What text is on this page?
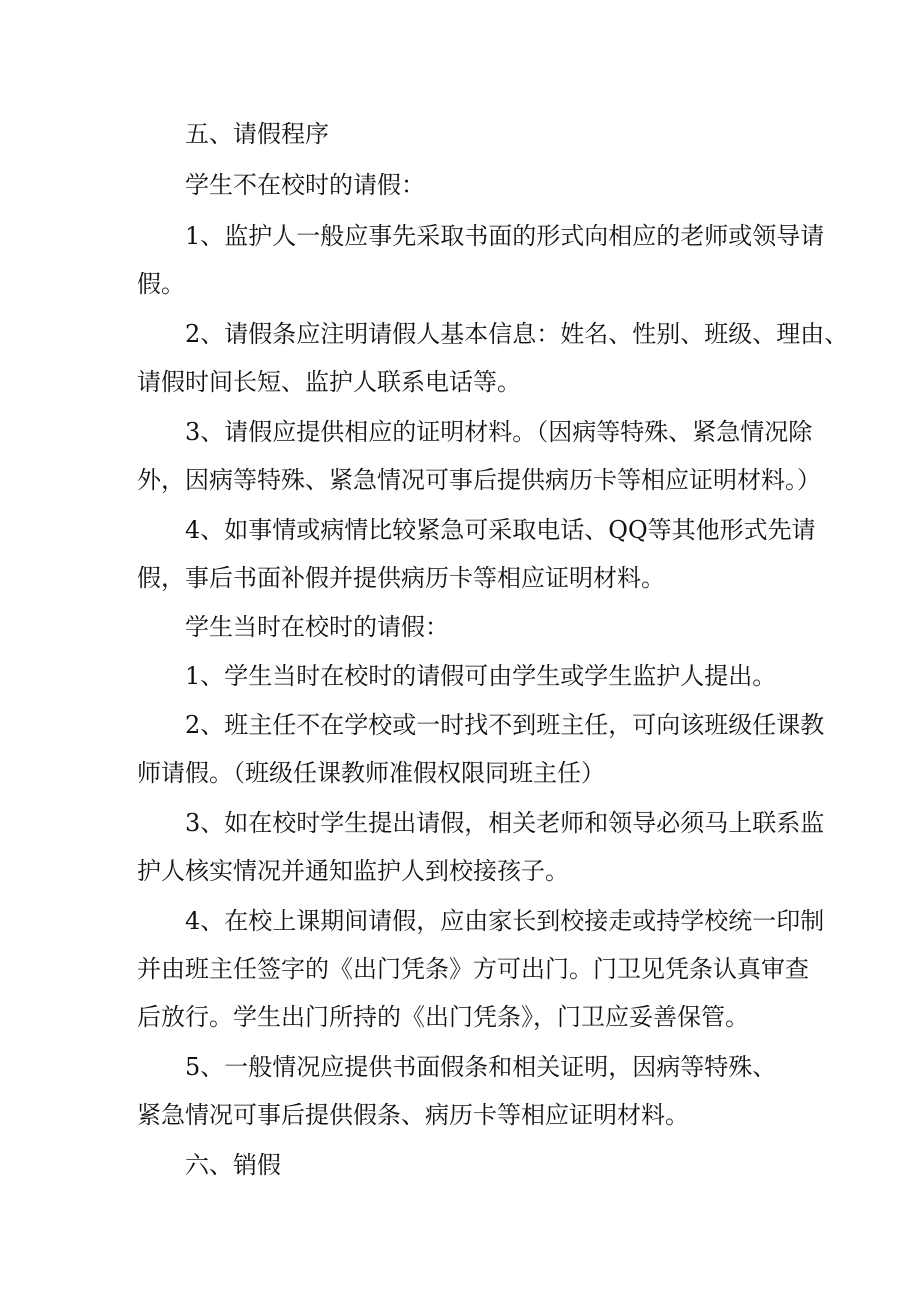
五、请假程序

学生不在校时的请假：

1、监护人一般应事先采取书面的形式向相应的老师或领导请

假。

2、请假条应注明请假人基本信息：姓名、性别、班级、理由、

请假时间长短、监护人联系电话等。

3、请假应提供相应的证明材料。（因病等特殊、紧急情况除

外，因病等特殊、紧急情况可事后提供病历卡等相应证明材料。）

4、如事情或病情比较紧急可采取电话、QQ等其他形式先请

假，事后书面补假并提供病历卡等相应证明材料。

学生当时在校时的请假：

1、学生当时在校时的请假可由学生或学生监护人提出。

2、班主任不在学校或一时找不到班主任，可向该班级任课教

师请假。（班级任课教师准假权限同班主任）

3、如在校时学生提出请假，相关老师和领导必须马上联系监

护人核实情况并通知监护人到校接孩子。

4、在校上课期间请假，应由家长到校接走或持学校统一印制

并由班主任签字的《出门凭条》方可出门。门卫见凭条认真审查

后放行。学生出门所持的《出门凭条》，门卫应妥善保管。

5、一般情况应提供书面假条和相关证明，因病等特殊、

紧急情况可事后提供假条、病历卡等相应证明材料。

六、销假
